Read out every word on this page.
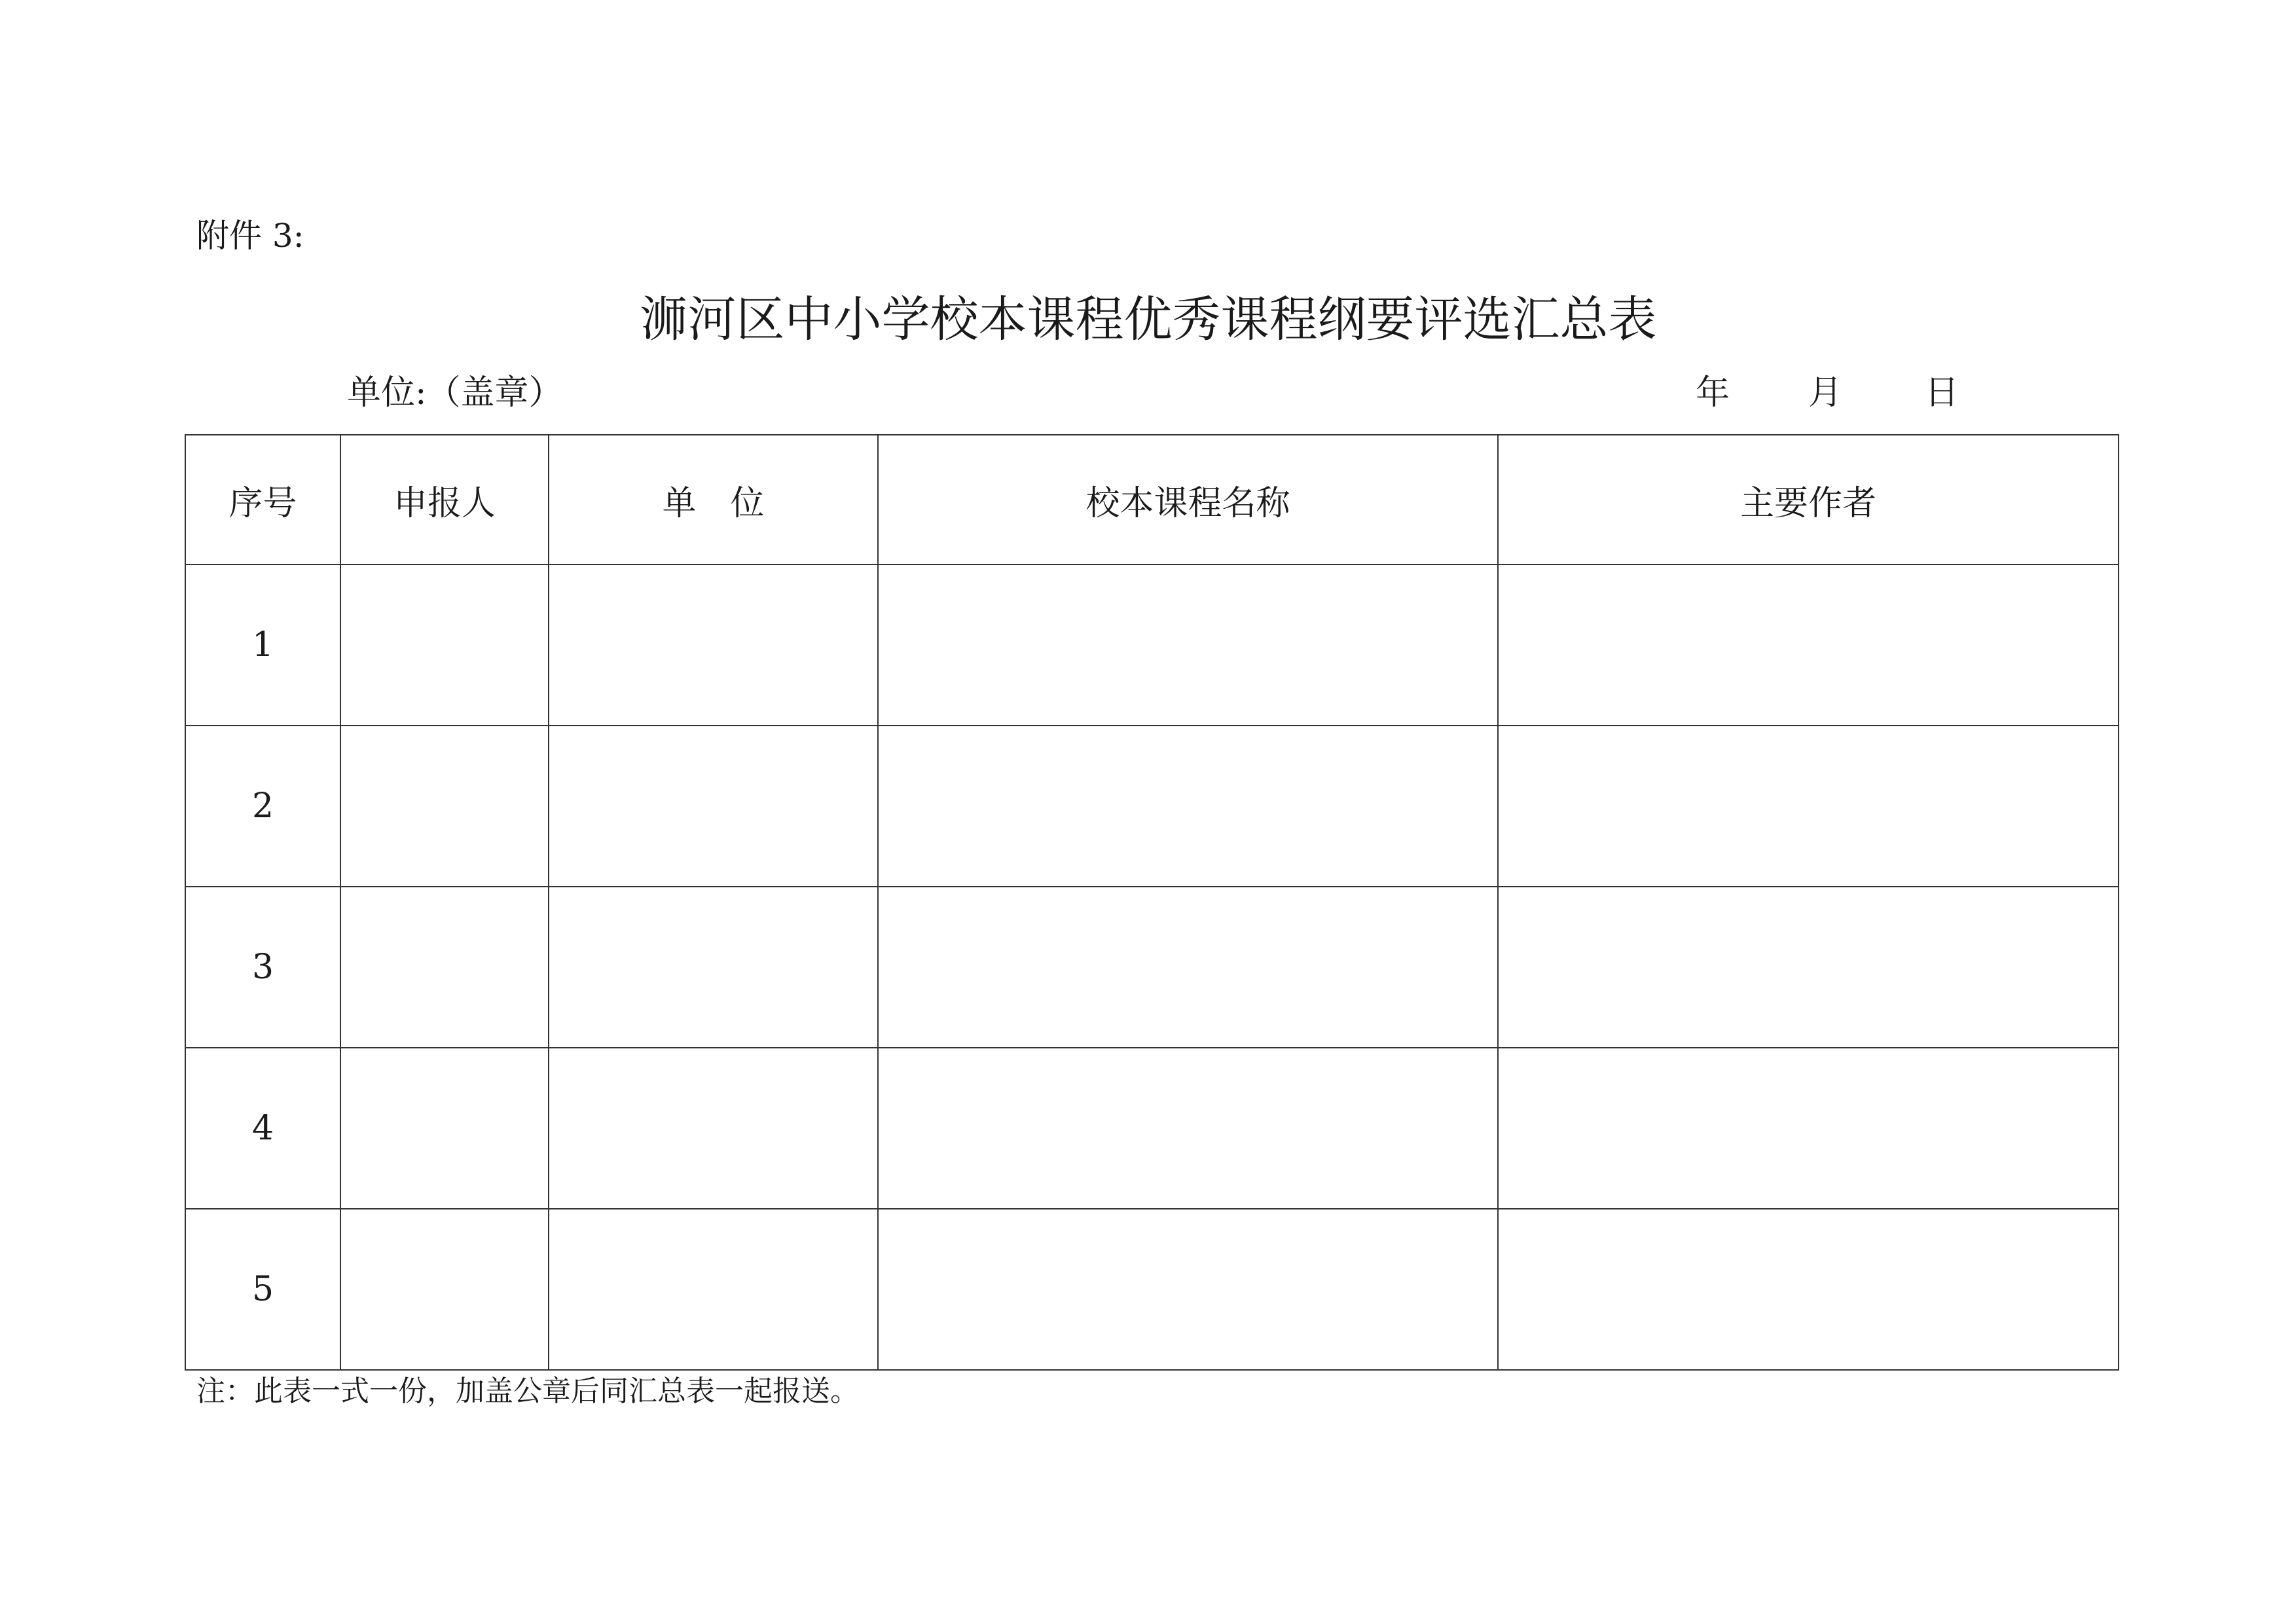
附件 3:
浉河区中小学校本课程优秀课程纲要评选汇总表
单位:（盖章）	年 月 日
序号	申报人	单　位	校本课程名称	主要作者
1				
2				
3				
4				
5				
注：此表一式一份，加盖公章后同汇总表一起报送。
